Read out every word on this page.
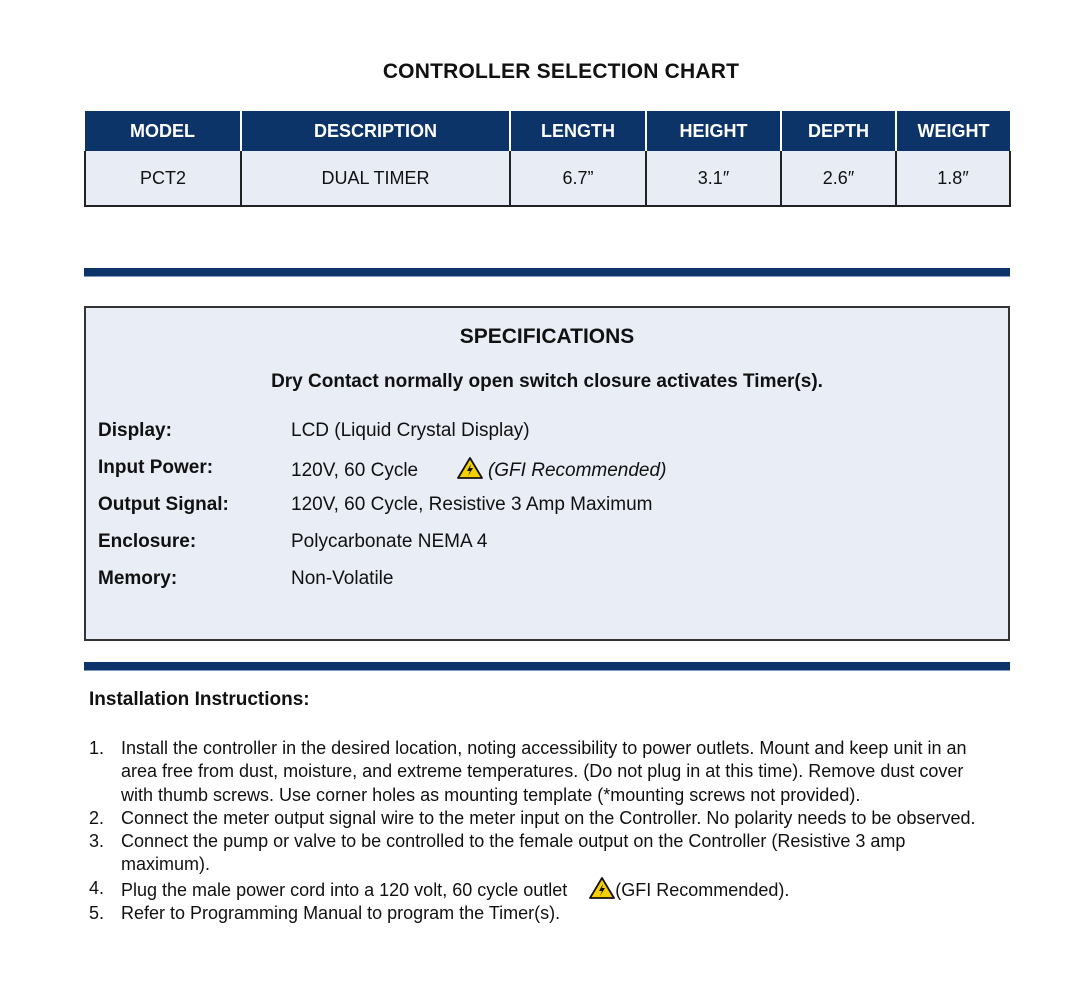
CONTROLLER SELECTION CHART
MODEL	DESCRIPTION	LENGTH	HEIGHT	DEPTH	WEIGHT
PCT2	DUAL TIMER	6.7”	3.1″	2.6″	1.8″
SPECIFICATIONS
Dry Contact normally open switch closure activates Timer(s).
Display:	LCD (Liquid Crystal Display)
Input Power:	120V, 60 Cycle	(GFI Recommended)
Output Signal:	120V, 60 Cycle, Resistive 3 Amp Maximum
Enclosure:	Polycarbonate NEMA 4
Memory:	Non-Volatile
Installation Instructions:
1. Install the controller in the desired location, noting accessibility to power outlets. Mount and keep unit in an area free from dust, moisture, and extreme temperatures. (Do not plug in at this time). Remove dust cover with thumb screws. Use corner holes as mounting template (*mounting screws not provided).
2. Connect the meter output signal wire to the meter input on the Controller. No polarity needs to be observed.
3. Connect the pump or valve to be controlled to the female output on the Controller (Resistive 3 amp maximum).
4. Plug the male power cord into a 120 volt, 60 cycle outlet	(GFI Recommended).
5. Refer to Programming Manual to program the Timer(s).
